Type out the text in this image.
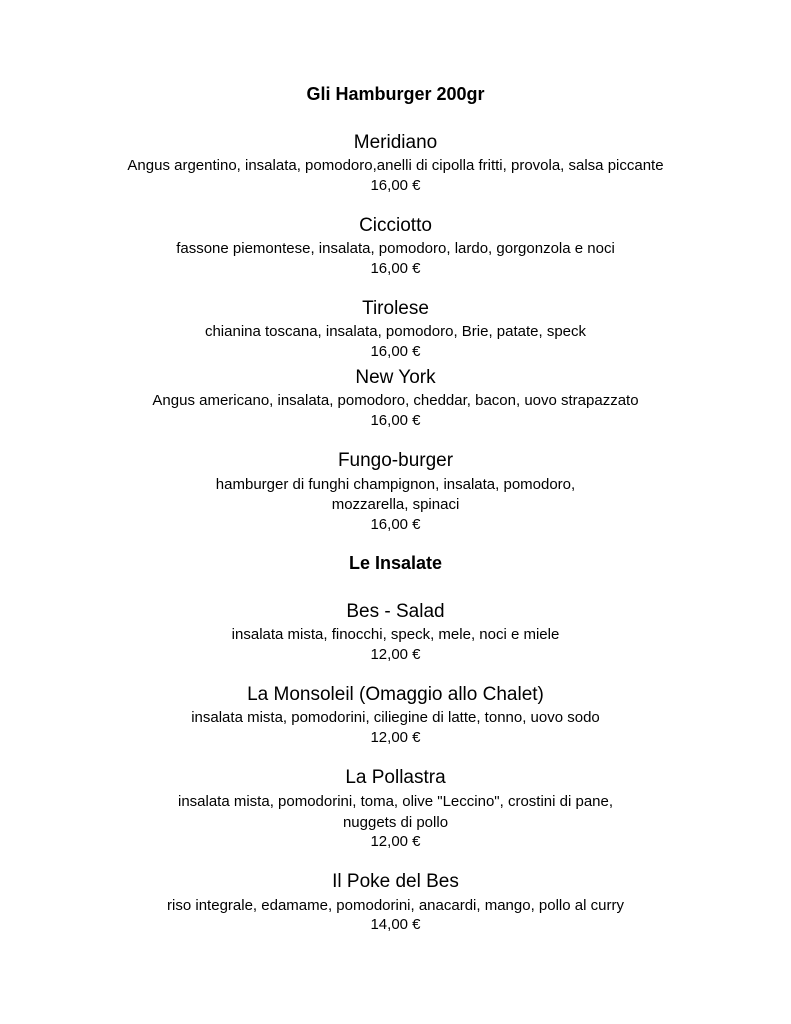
Gli Hamburger 200gr
Meridiano
Angus argentino, insalata, pomodoro,anelli di cipolla fritti, provola, salsa piccante
16,00 €
Cicciotto
fassone piemontese, insalata, pomodoro, lardo, gorgonzola e noci
16,00 €
Tirolese
chianina toscana, insalata, pomodoro, Brie, patate, speck
16,00 €
New York
Angus americano, insalata, pomodoro, cheddar, bacon, uovo strapazzato
16,00 €
Fungo-burger
hamburger di funghi champignon, insalata, pomodoro,
mozzarella, spinaci
16,00 €
Le Insalate
Bes - Salad
insalata mista, finocchi, speck, mele, noci e miele
12,00 €
La Monsoleil (Omaggio allo Chalet)
insalata mista, pomodorini, ciliegine di latte, tonno, uovo sodo
12,00 €
La Pollastra
insalata mista, pomodorini, toma, olive "Leccino", crostini di pane,
nuggets di pollo
12,00 €
Il Poke del Bes
riso integrale, edamame, pomodorini, anacardi, mango, pollo al curry
14,00 €
